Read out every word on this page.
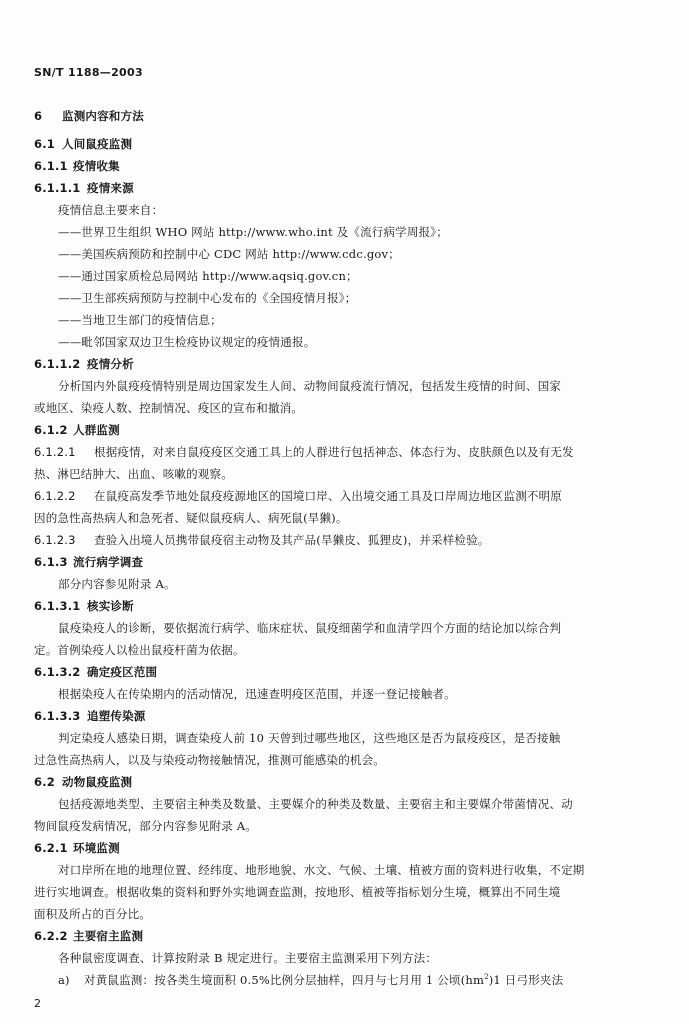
SN/T 1188—2003
6 监测内容和方法
6.1 人间鼠疫监测
6.1.1 疫情收集
6.1.1.1 疫情来源
疫情信息主要来自：
——世界卫生组织 WHO 网站 http://www.who.int 及《流行病学周报》；
——美国疾病预防和控制中心 CDC 网站 http://www.cdc.gov；
——通过国家质检总局网站 http://www.aqsiq.gov.cn；
——卫生部疾病预防与控制中心发布的《全国疫情月报》；
——当地卫生部门的疫情信息；
——毗邻国家双边卫生检疫协议规定的疫情通报。
6.1.1.2 疫情分析
分析国内外鼠疫疫情特别是周边国家发生人间、动物间鼠疫流行情况，包括发生疫情的时间、国家
或地区、染疫人数、控制情况、疫区的宣布和撤消。
6.1.2 人群监测
6.1.2.1 根据疫情，对来自鼠疫疫区交通工具上的人群进行包括神态、体态行为、皮肤颜色以及有无发
热、淋巴结肿大、出血、咳嗽的观察。
6.1.2.2 在鼠疫高发季节地处鼠疫疫源地区的国境口岸、入出境交通工具及口岸周边地区监测不明原
因的急性高热病人和急死者、疑似鼠疫病人、病死鼠(旱獭)。
6.1.2.3 查验入出境人员携带鼠疫宿主动物及其产品(旱獭皮、狐狸皮)，并采样检验。
6.1.3 流行病学调查
部分内容参见附录 A。
6.1.3.1 核实诊断
鼠疫染疫人的诊断，要依据流行病学、临床症状、鼠疫细菌学和血清学四个方面的结论加以综合判
定。首例染疫人以检出鼠疫杆菌为依据。
6.1.3.2 确定疫区范围
根据染疫人在传染期内的活动情况，迅速查明疫区范围，并逐一登记接触者。
6.1.3.3 追塑传染源
判定染疫人感染日期，调查染疫人前 10 天曾到过哪些地区，这些地区是否为鼠疫疫区，是否接触
过急性高热病人，以及与染疫动物接触情况，推测可能感染的机会。
6.2 动物鼠疫监测
包括疫源地类型、主要宿主种类及数量、主要媒介的种类及数量、主要宿主和主要媒介带菌情况、动
物间鼠疫发病情况，部分内容参见附录 A。
6.2.1 环境监测
对口岸所在地的地理位置、经纬度、地形地貌、水文、气候、土壤、植被方面的资料进行收集，不定期
进行实地调查。根据收集的资料和野外实地调查监测，按地形、植被等指标划分生境，概算出不同生境
面积及所占的百分比。
6.2.2 主要宿主监测
各种鼠密度调查、计算按附录 B 规定进行。主要宿主监测采用下列方法：
a) 对黄鼠监测：按各类生境面积 0.5%比例分层抽样，四月与七月用 1 公顷$(hm^2)1$ 日弓形夹法
2
